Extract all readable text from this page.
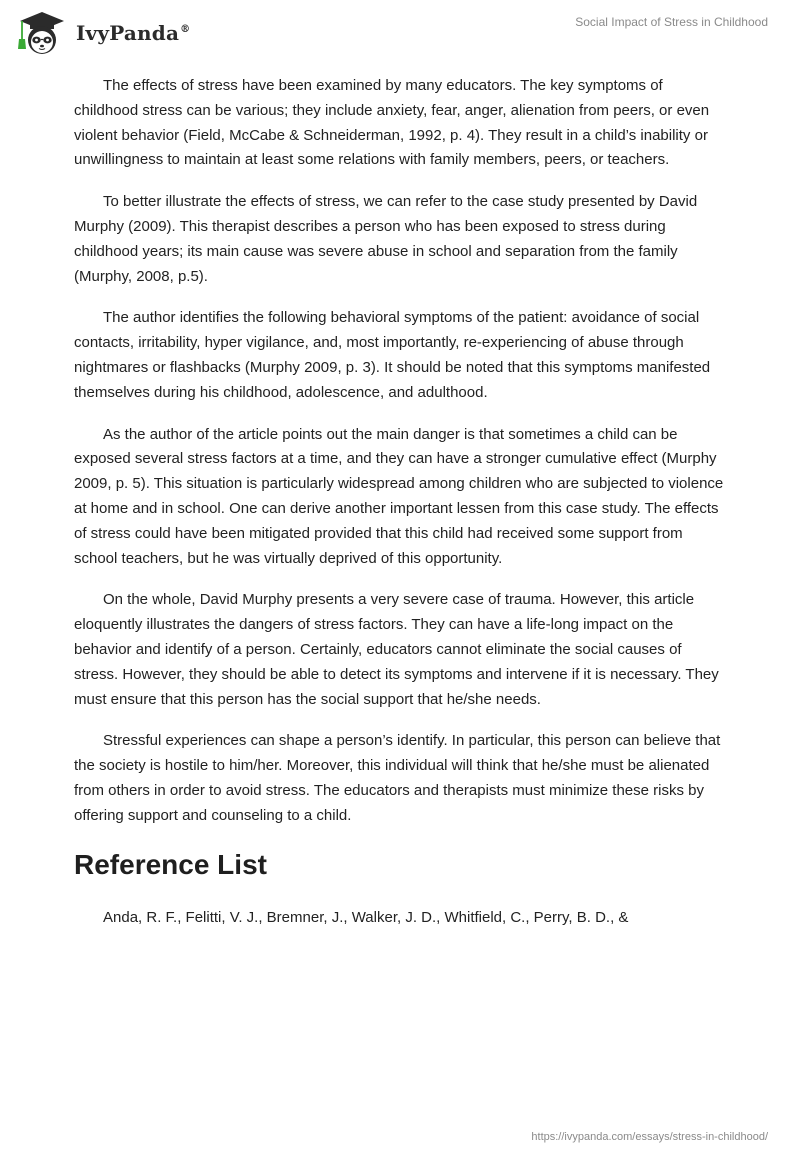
IvyPanda®
Social Impact of Stress in Childhood

The effects of stress have been examined by many educators. The key symptoms of childhood stress can be various; they include anxiety, fear, anger, alienation from peers, or even violent behavior (Field, McCabe & Schneiderman, 1992, p. 4). They result in a child’s inability or unwillingness to maintain at least some relations with family members, peers, or teachers.

To better illustrate the effects of stress, we can refer to the case study presented by David Murphy (2009). This therapist describes a person who has been exposed to stress during childhood years; its main cause was severe abuse in school and separation from the family (Murphy, 2008, p.5).

The author identifies the following behavioral symptoms of the patient: avoidance of social contacts, irritability, hyper vigilance, and, most importantly, re-experiencing of abuse through nightmares or flashbacks (Murphy 2009, p. 3). It should be noted that this symptoms manifested themselves during his childhood, adolescence, and adulthood.

As the author of the article points out the main danger is that sometimes a child can be exposed several stress factors at a time, and they can have a stronger cumulative effect (Murphy 2009, p. 5). This situation is particularly widespread among children who are subjected to violence at home and in school. One can derive another important lessen from this case study. The effects of stress could have been mitigated provided that this child had received some support from school teachers, but he was virtually deprived of this opportunity.

On the whole, David Murphy presents a very severe case of trauma. However, this article eloquently illustrates the dangers of stress factors. They can have a life-long impact on the behavior and identify of a person. Certainly, educators cannot eliminate the social causes of stress. However, they should be able to detect its symptoms and intervene if it is necessary. They must ensure that this person has the social support that he/she needs.

Stressful experiences can shape a person’s identify. In particular, this person can believe that the society is hostile to him/her. Moreover, this individual will think that he/she must be alienated from others in order to avoid stress. The educators and therapists must minimize these risks by offering support and counseling to a child.

Reference List

Anda, R. F., Felitti, V. J., Bremner, J., Walker, J. D., Whitfield, C., Perry, B. D., &

https://ivypanda.com/essays/stress-in-childhood/
